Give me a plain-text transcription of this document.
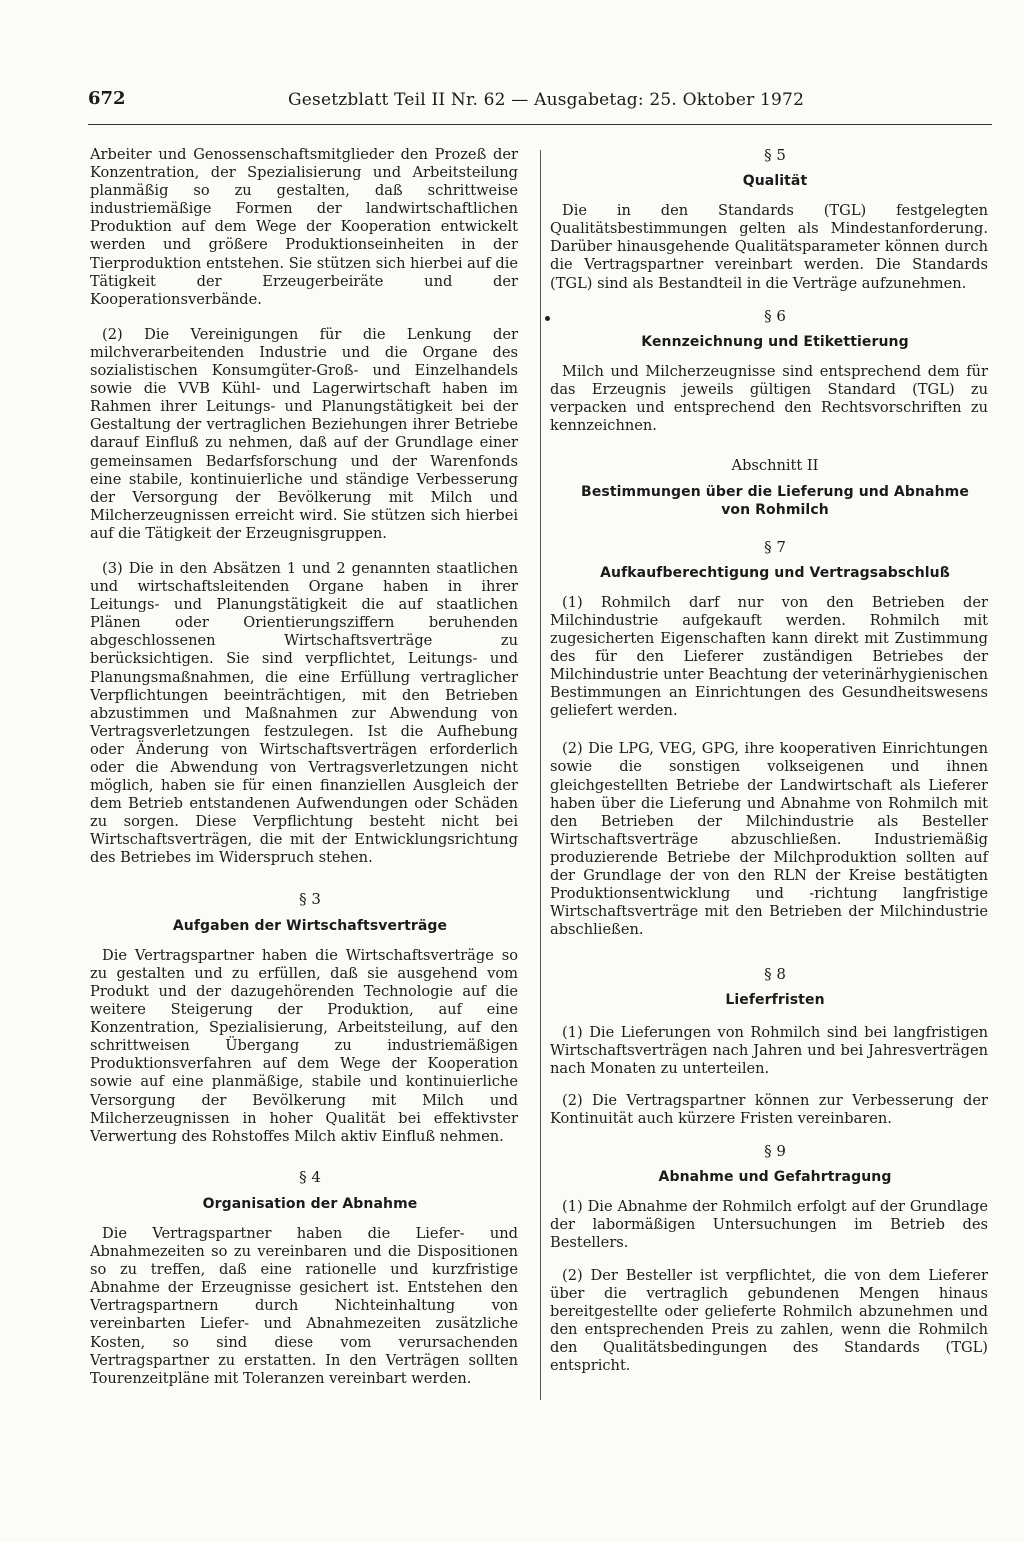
672	Gesetzblatt Teil II Nr. 62 — Ausgabetag: 25. Oktober 1972

Arbeiter und Genossenschaftsmitglieder den Prozeß der Konzentration, der Spezialisierung und Arbeitsteilung planmäßig so zu gestalten, daß schrittweise industriemäßige Formen der landwirtschaftlichen Produktion auf dem Wege der Kooperation entwickelt werden und größere Produktionseinheiten in der Tierproduktion entstehen. Sie stützen sich hierbei auf die Tätigkeit der Erzeugerbeiräte und der Kooperationsverbände.

(2) Die Vereinigungen für die Lenkung der milchverarbeitenden Industrie und die Organe des sozialistischen Konsumgüter-Groß- und Einzelhandels sowie die VVB Kühl- und Lagerwirtschaft haben im Rahmen ihrer Leitungs- und Planungstätigkeit bei der Gestaltung der vertraglichen Beziehungen ihrer Betriebe darauf Einfluß zu nehmen, daß auf der Grundlage einer gemeinsamen Bedarfsforschung und der Warenfonds eine stabile, kontinuierliche und ständige Verbesserung der Versorgung der Bevölkerung mit Milch und Milcherzeugnissen erreicht wird. Sie stützen sich hierbei auf die Tätigkeit der Erzeugnisgruppen.

(3) Die in den Absätzen 1 und 2 genannten staatlichen und wirtschaftsleitenden Organe haben in ihrer Leitungs- und Planungstätigkeit die auf staatlichen Plänen oder Orientierungsziffern beruhenden abgeschlossenen Wirtschaftsverträge zu berücksichtigen. Sie sind verpflichtet, Leitungs- und Planungsmaßnahmen, die eine Erfüllung vertraglicher Verpflichtungen beeinträchtigen, mit den Betrieben abzustimmen und Maßnahmen zur Abwendung von Vertragsverletzungen festzulegen. Ist die Aufhebung oder Änderung von Wirtschaftsverträgen erforderlich oder die Abwendung von Vertragsverletzungen nicht möglich, haben sie für einen finanziellen Ausgleich der dem Betrieb entstandenen Aufwendungen oder Schäden zu sorgen. Diese Verpflichtung besteht nicht bei Wirtschaftsverträgen, die mit der Entwicklungsrichtung des Betriebes im Widerspruch stehen.

§ 3

Aufgaben der Wirtschaftsverträge

Die Vertragspartner haben die Wirtschaftsverträge so zu gestalten und zu erfüllen, daß sie ausgehend vom Produkt und der dazugehörenden Technologie auf die weitere Steigerung der Produktion, auf eine Konzentration, Spezialisierung, Arbeitsteilung, auf den schrittweisen Übergang zu industriemäßigen Produktionsverfahren auf dem Wege der Kooperation sowie auf eine planmäßige, stabile und kontinuierliche Versorgung der Bevölkerung mit Milch und Milcherzeugnissen in hoher Qualität bei effektivster Verwertung des Rohstoffes Milch aktiv Einfluß nehmen.

§ 4

Organisation der Abnahme

Die Vertragspartner haben die Liefer- und Abnahmezeiten so zu vereinbaren und die Dispositionen so zu treffen, daß eine rationelle und kurzfristige Abnahme der Erzeugnisse gesichert ist. Entstehen den Vertragspartnern durch Nichteinhaltung von vereinbarten Liefer- und Abnahmezeiten zusätzliche Kosten, so sind diese vom verursachenden Vertragspartner zu erstatten. In den Verträgen sollten Tourenzeitpläne mit Toleranzen vereinbart werden.

§ 5

Qualität

Die in den Standards (TGL) festgelegten Qualitätsbestimmungen gelten als Mindestanforderung. Darüber hinausgehende Qualitätsparameter können durch die Vertragspartner vereinbart werden. Die Standards (TGL) sind als Bestandteil in die Verträge aufzunehmen.

§ 6

Kennzeichnung und Etikettierung

Milch und Milcherzeugnisse sind entsprechend dem für das Erzeugnis jeweils gültigen Standard (TGL) zu verpacken und entsprechend den Rechtsvorschriften zu kennzeichnen.

Abschnitt II

Bestimmungen über die Lieferung und Abnahme

von Rohmilch

§ 7

Aufkaufberechtigung und Vertragsabschluß

(1) Rohmilch darf nur von den Betrieben der Milchindustrie aufgekauft werden. Rohmilch mit zugesicherten Eigenschaften kann direkt mit Zustimmung des für den Lieferer zuständigen Betriebes der Milchindustrie unter Beachtung der veterinärhygienischen Bestimmungen an Einrichtungen des Gesundheitswesens geliefert werden.

(2) Die LPG, VEG, GPG, ihre kooperativen Einrichtungen sowie die sonstigen volkseigenen und ihnen gleichgestellten Betriebe der Landwirtschaft als Lieferer haben über die Lieferung und Abnahme von Rohmilch mit den Betrieben der Milchindustrie als Besteller Wirtschaftsverträge abzuschließen. Industriemäßig produzierende Betriebe der Milchproduktion sollten auf der Grundlage der von den RLN der Kreise bestätigten Produktionsentwicklung und -richtung langfristige Wirtschaftsverträge mit den Betrieben der Milchindustrie abschließen.

§ 8

Lieferfristen

(1) Die Lieferungen von Rohmilch sind bei langfristigen Wirtschaftsverträgen nach Jahren und bei Jahresverträgen nach Monaten zu unterteilen.

(2) Die Vertragspartner können zur Verbesserung der Kontinuität auch kürzere Fristen vereinbaren.

§ 9

Abnahme und Gefahrtragung

(1) Die Abnahme der Rohmilch erfolgt auf der Grundlage der labormäßigen Untersuchungen im Betrieb des Bestellers.

(2) Der Besteller ist verpflichtet, die von dem Lieferer über die vertraglich gebundenen Mengen hinaus bereitgestellte oder gelieferte Rohmilch abzunehmen und den entsprechenden Preis zu zahlen, wenn die Rohmilch den Qualitätsbedingungen des Standards (TGL) entspricht.
